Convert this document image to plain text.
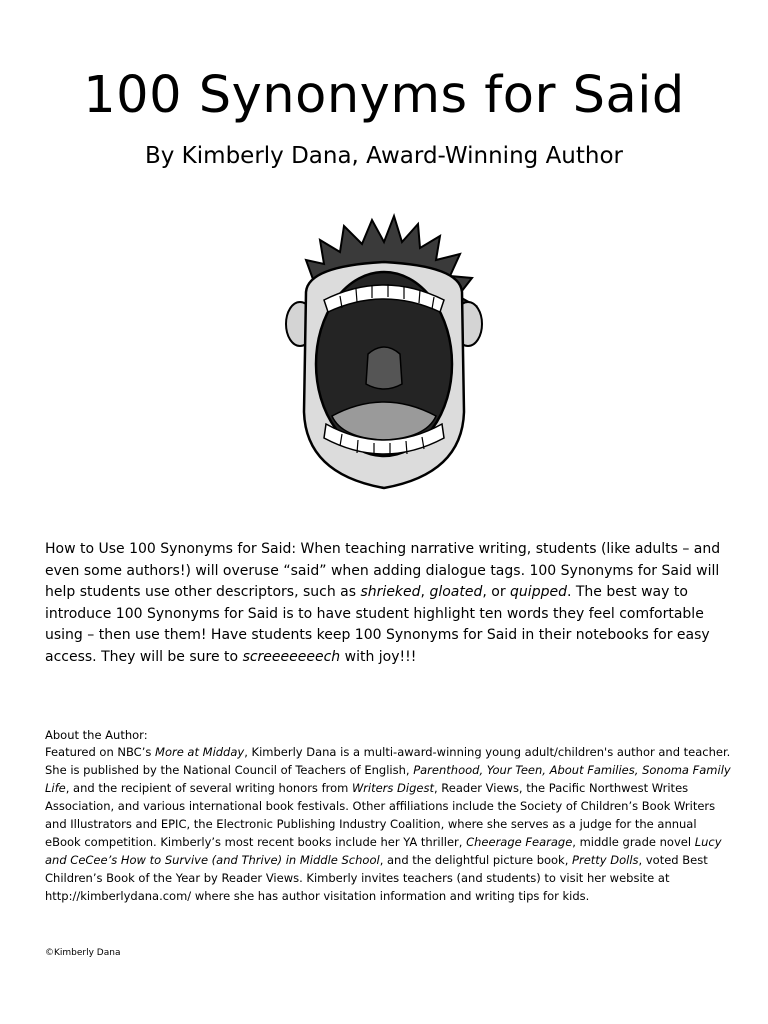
100 Synonyms for Said
By Kimberly Dana, Award-Winning Author

How to Use 100 Synonyms for Said: When teaching narrative writing, students (like adults – and even some authors!) will overuse “said” when adding dialogue tags. 100 Synonyms for Said will help students use other descriptors, such as shrieked, gloated, or quipped. The best way to introduce 100 Synonyms for Said is to have student highlight ten words they feel comfortable using – then use them! Have students keep 100 Synonyms for Said in their notebooks for easy access. They will be sure to screeeeeeech with joy!!!

About the Author:

Featured on NBC’s More at Midday, Kimberly Dana is a multi-award-winning young adult/children's author and teacher. She is published by the National Council of Teachers of English, Parenthood, Your Teen, About Families, Sonoma Family Life, and the recipient of several writing honors from Writers Digest, Reader Views, the Pacific Northwest Writes Association, and various international book festivals. Other affiliations include the Society of Children’s Book Writers and Illustrators and EPIC, the Electronic Publishing Industry Coalition, where she serves as a judge for the annual eBook competition. Kimberly’s most recent books include her YA thriller, Cheerage Fearage, middle grade novel Lucy and CeCee’s How to Survive (and Thrive) in Middle School, and the delightful picture book, Pretty Dolls, voted Best Children’s Book of the Year by Reader Views. Kimberly invites teachers (and students) to visit her website at http://kimberlydana.com/ where she has author visitation information and writing tips for kids.

©Kimberly Dana
